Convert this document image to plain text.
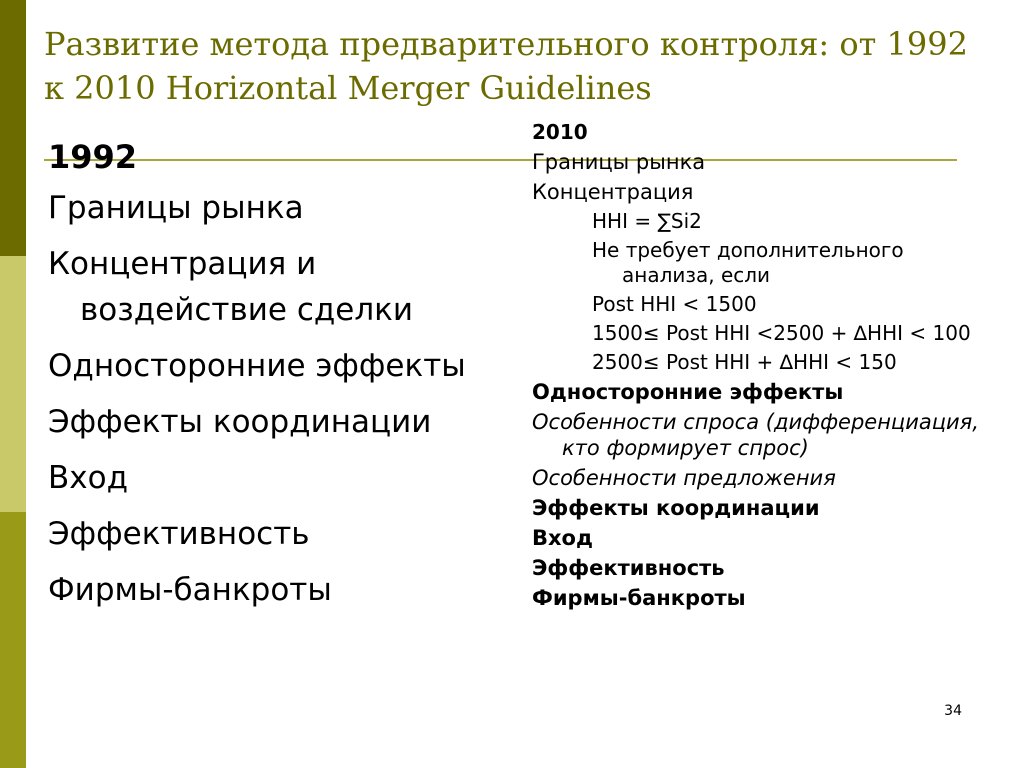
Развитие метода предварительного контроля: от 1992 к 2010 Horizontal Merger Guidelines
1992
Границы рынка
Концентрация и воздействие сделки
Односторонние эффекты
Эффекты координации
Вход
Эффективность
Фирмы-банкроты
2010
Границы рынка
Концентрация
HHI = ∑Si2
Не требует дополнительного анализа, если
Post HHI < 1500
1500≤ Post HHI <2500 + ∆HHI < 100
2500≤ Post HHI + ∆HHI < 150
Односторонние эффекты
Особенности спроса (дифференциация, кто формирует спрос)
Особенности предложения
Эффекты координации
Вход
Эффективность
Фирмы-банкроты
34
